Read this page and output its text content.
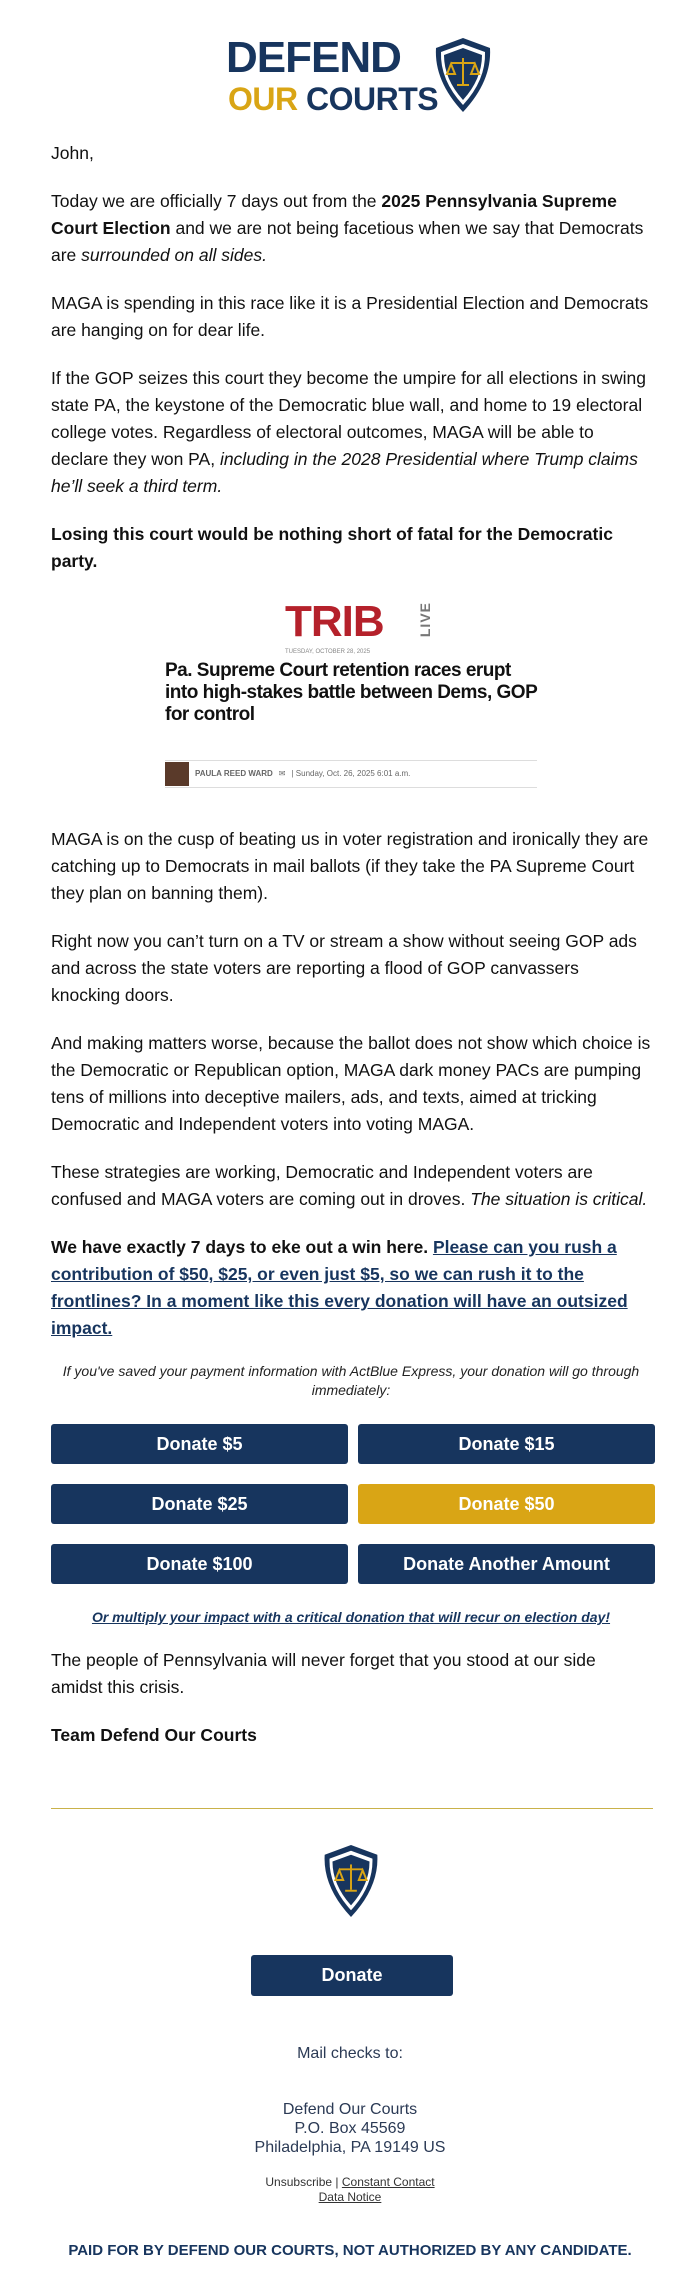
DEFEND
OUR COURTS

John,

Today we are officially 7 days out from the 2025 Pennsylvania Supreme Court Election and we are not being facetious when we say that Democrats are surrounded on all sides.

MAGA is spending in this race like it is a Presidential Election and Democrats are hanging on for dear life.

If the GOP seizes this court they become the umpire for all elections in swing state PA, the keystone of the Democratic blue wall, and home to 19 electoral college votes. Regardless of electoral outcomes, MAGA will be able to declare they won PA, including in the 2028 Presidential where Trump claims he’ll seek a third term.

Losing this court would be nothing short of fatal for the Democratic party.

TRIB LIVE
TUESDAY, OCTOBER 28, 2025
Pa. Supreme Court retention races erupt into high-stakes battle between Dems, GOP for control
PAULA REED WARD ✉ | Sunday, Oct. 26, 2025 6:01 a.m.

MAGA is on the cusp of beating us in voter registration and ironically they are catching up to Democrats in mail ballots (if they take the PA Supreme Court they plan on banning them).

Right now you can’t turn on a TV or stream a show without seeing GOP ads and across the state voters are reporting a flood of GOP canvassers knocking doors.

And making matters worse, because the ballot does not show which choice is the Democratic or Republican option, MAGA dark money PACs are pumping tens of millions into deceptive mailers, ads, and texts, aimed at tricking Democratic and Independent voters into voting MAGA.

These strategies are working, Democratic and Independent voters are confused and MAGA voters are coming out in droves. The situation is critical.

We have exactly 7 days to eke out a win here. Please can you rush a contribution of $50, $25, or even just $5, so we can rush it to the frontlines? In a moment like this every donation will have an outsized impact.

If you've saved your payment information with ActBlue Express, your donation will go through immediately:
Donate $5	Donate $15
Donate $25	Donate $50
Donate $100	Donate Another Amount
Or multiply your impact with a critical donation that will recur on election day!

The people of Pennsylvania will never forget that you stood at our side amidst this crisis.

Team Defend Our Courts

Donate
Mail checks to:
Defend Our Courts
P.O. Box 45569
Philadelphia, PA 19149 US
Unsubscribe | Constant Contact
Data Notice
PAID FOR BY DEFEND OUR COURTS, NOT AUTHORIZED BY ANY CANDIDATE.
